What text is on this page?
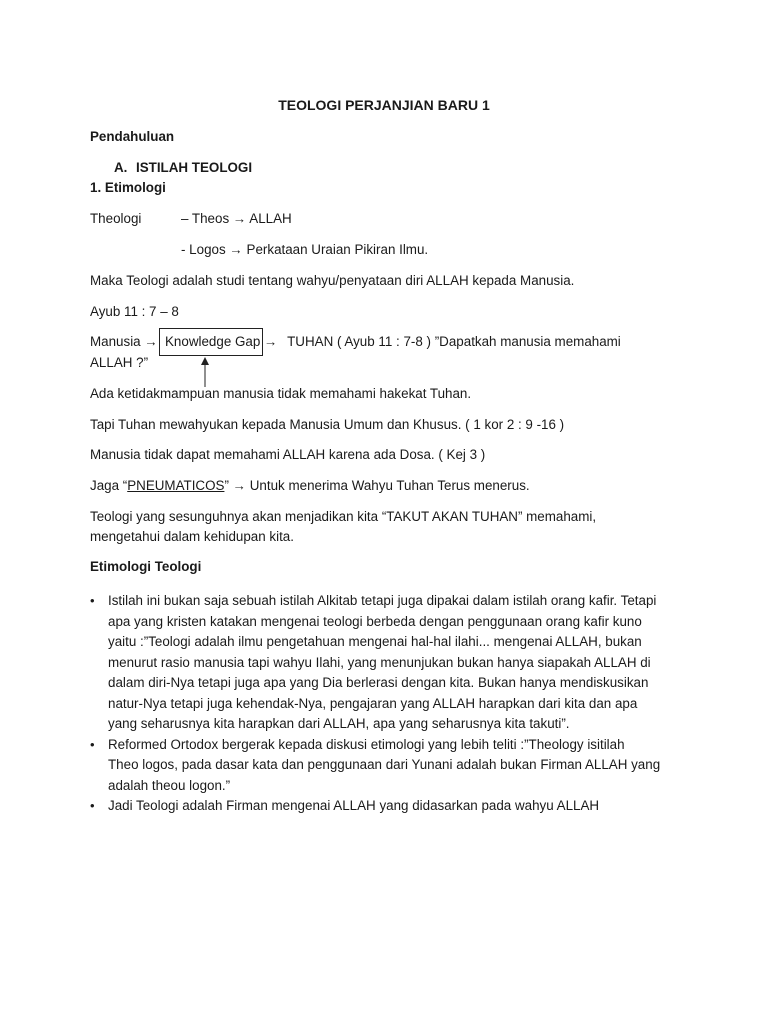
TEOLOGI PERJANJIAN BARU 1
Pendahuluan
A. ISTILAH TEOLOGI
1. Etimologi
Theologi	– Theos → ALLAH
- Logos → Perkataan Uraian Pikiran Ilmu.
Maka Teologi adalah studi tentang wahyu/penyataan diri ALLAH kepada Manusia.
Ayub 11 : 7 – 8
Manusia → Knowledge Gap → TUHAN ( Ayub 11 : 7-8 ) ”Dapatkah manusia memahami
ALLAH ?”
Ada ketidakmampuan manusia tidak memahami hakekat Tuhan.
Tapi Tuhan mewahyukan kepada Manusia Umum dan Khusus. ( 1 kor 2 : 9 -16 )
Manusia tidak dapat memahami ALLAH karena ada Dosa. ( Kej 3 )
Jaga “PNEUMATICOS” → Untuk menerima Wahyu Tuhan Terus menerus.
Teologi yang sesunguhnya akan menjadikan kita “TAKUT AKAN TUHAN” memahami,
mengetahui dalam kehidupan kita.
Etimologi Teologi
• Istilah ini bukan saja sebuah istilah Alkitab tetapi juga dipakai dalam istilah orang kafir. Tetapi
apa yang kristen katakan mengenai teologi berbeda dengan penggunaan orang kafir kuno
yaitu :”Teologi adalah ilmu pengetahuan mengenai hal-hal ilahi... mengenai ALLAH, bukan
menurut rasio manusia tapi wahyu Ilahi, yang menunjukan bukan hanya siapakah ALLAH di
dalam diri-Nya tetapi juga apa yang Dia berlerasi dengan kita. Bukan hanya mendiskusikan
natur-Nya tetapi juga kehendak-Nya, pengajaran yang ALLAH harapkan dari kita dan apa
yang seharusnya kita harapkan dari ALLAH, apa yang seharusnya kita takuti”.
• Reformed Ortodox bergerak kepada diskusi etimologi yang lebih teliti :”Theology isitilah
Theo logos, pada dasar kata dan penggunaan dari Yunani adalah bukan Firman ALLAH yang
adalah theou logon.”
• Jadi Teologi adalah Firman mengenai ALLAH yang didasarkan pada wahyu ALLAH
